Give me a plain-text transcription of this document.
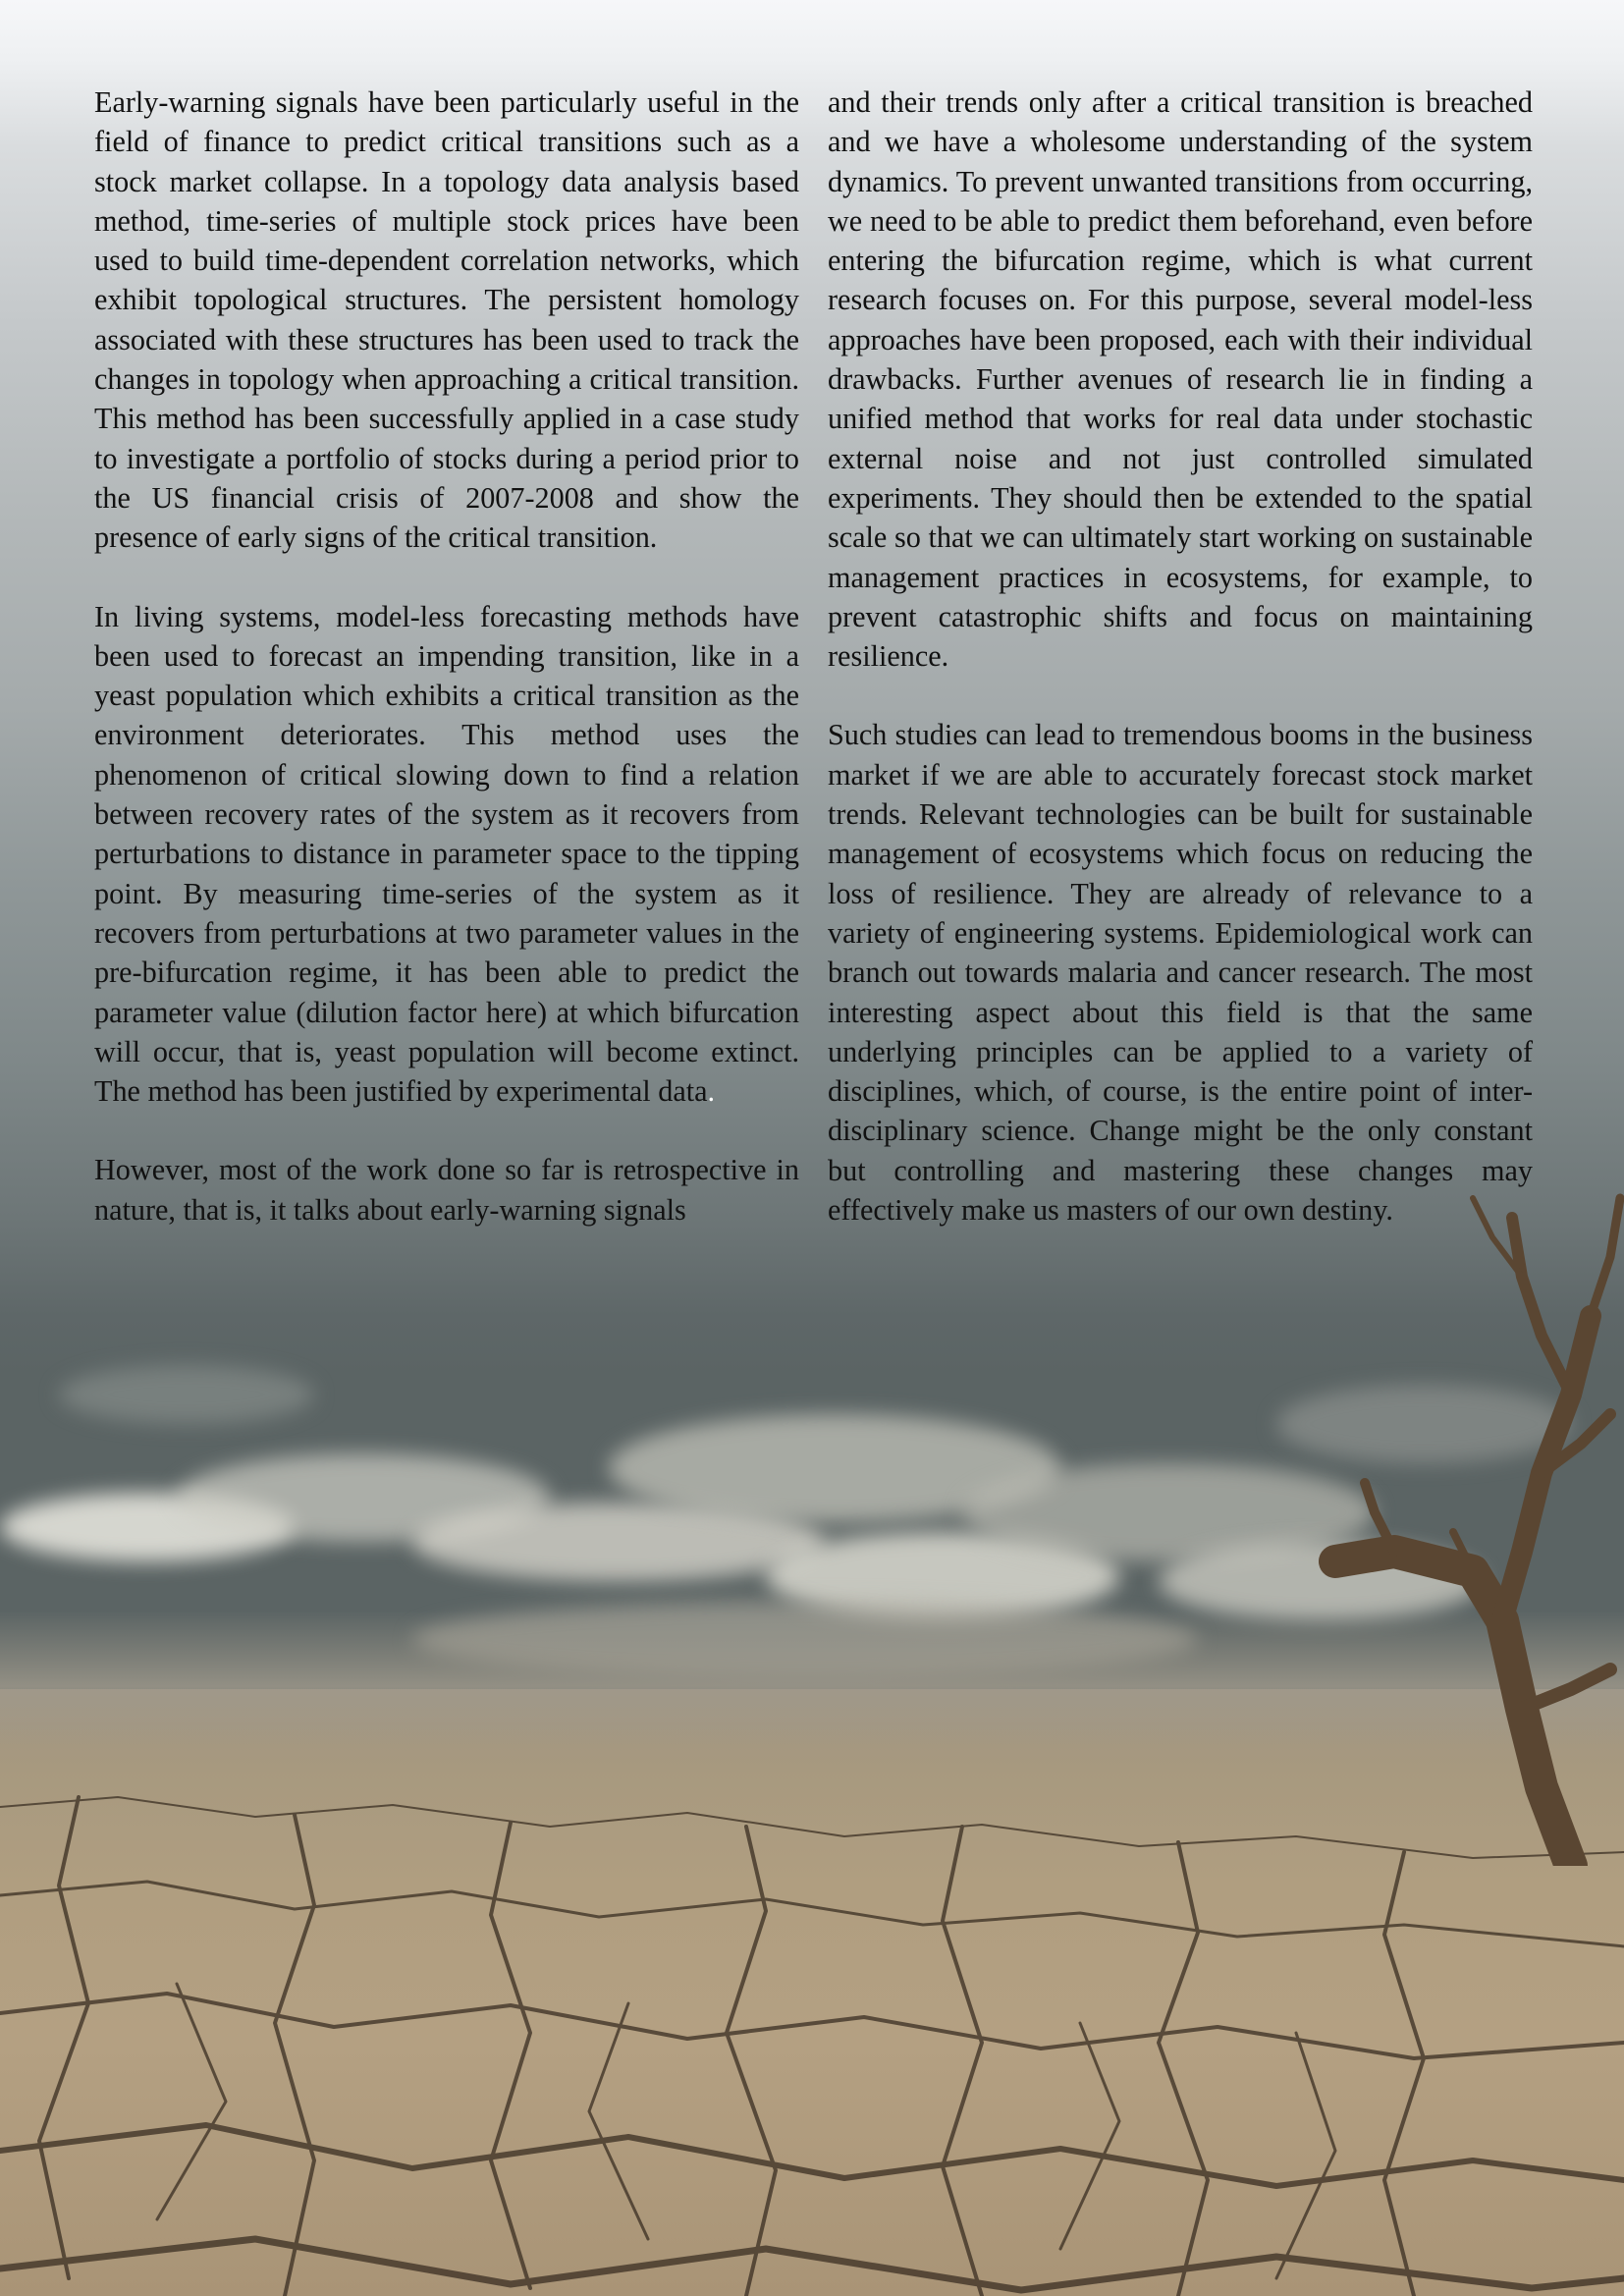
Early-warning signals have been particularly useful in the field of finance to predict critical transitions such as a stock market collapse. In a topology data analysis based method, time-series of multiple stock prices have been used to build time-dependent correlation networks, which exhibit topological structures. The persistent homology associated with these structures has been used to track the changes in topology when approaching a critical transition. This method has been successfully applied in a case study to investigate a portfolio of stocks during a period prior to the US financial crisis of 2007-2008 and show the presence of early signs of the critical transition.

In living systems, model-less forecasting methods have been used to forecast an impending transition, like in a yeast population which exhibits a critical transition as the environment deteriorates. This method uses the phenomenon of critical slowing down to find a relation between recovery rates of the system as it recovers from perturbations to distance in parameter space to the tipping point. By measuring time-series of the system as it recovers from perturbations at two parameter values in the pre-bifurcation regime, it has been able to predict the parameter value (dilution factor here) at which bifurcation will occur, that is, yeast population will become extinct. The method has been justified by experimental data.

However, most of the work done so far is retrospective in nature, that is, it talks about early-warning signals

and their trends only after a critical transition is breached and we have a wholesome understanding of the system dynamics. To prevent unwanted transitions from occurring, we need to be able to predict them beforehand, even before entering the bifurcation regime, which is what current research focuses on. For this purpose, several model-less approaches have been proposed, each with their individual drawbacks. Further avenues of research lie in finding a unified method that works for real data under stochastic external noise and not just controlled simulated experiments. They should then be extended to the spatial scale so that we can ultimately start working on sustainable management practices in ecosystems, for example, to prevent catastrophic shifts and focus on maintaining resilience.

Such studies can lead to tremendous booms in the business market if we are able to accurately forecast stock market trends. Relevant technologies can be built for sustainable management of ecosystems which focus on reducing the loss of resilience. They are already of relevance to a variety of engineering systems. Epidemiological work can branch out towards malaria and cancer research. The most interesting aspect about this field is that the same underlying principles can be applied to a variety of disciplines, which, of course, is the entire point of inter-disciplinary science. Change might be the only constant but controlling and mastering these changes may effectively make us masters of our own destiny.
